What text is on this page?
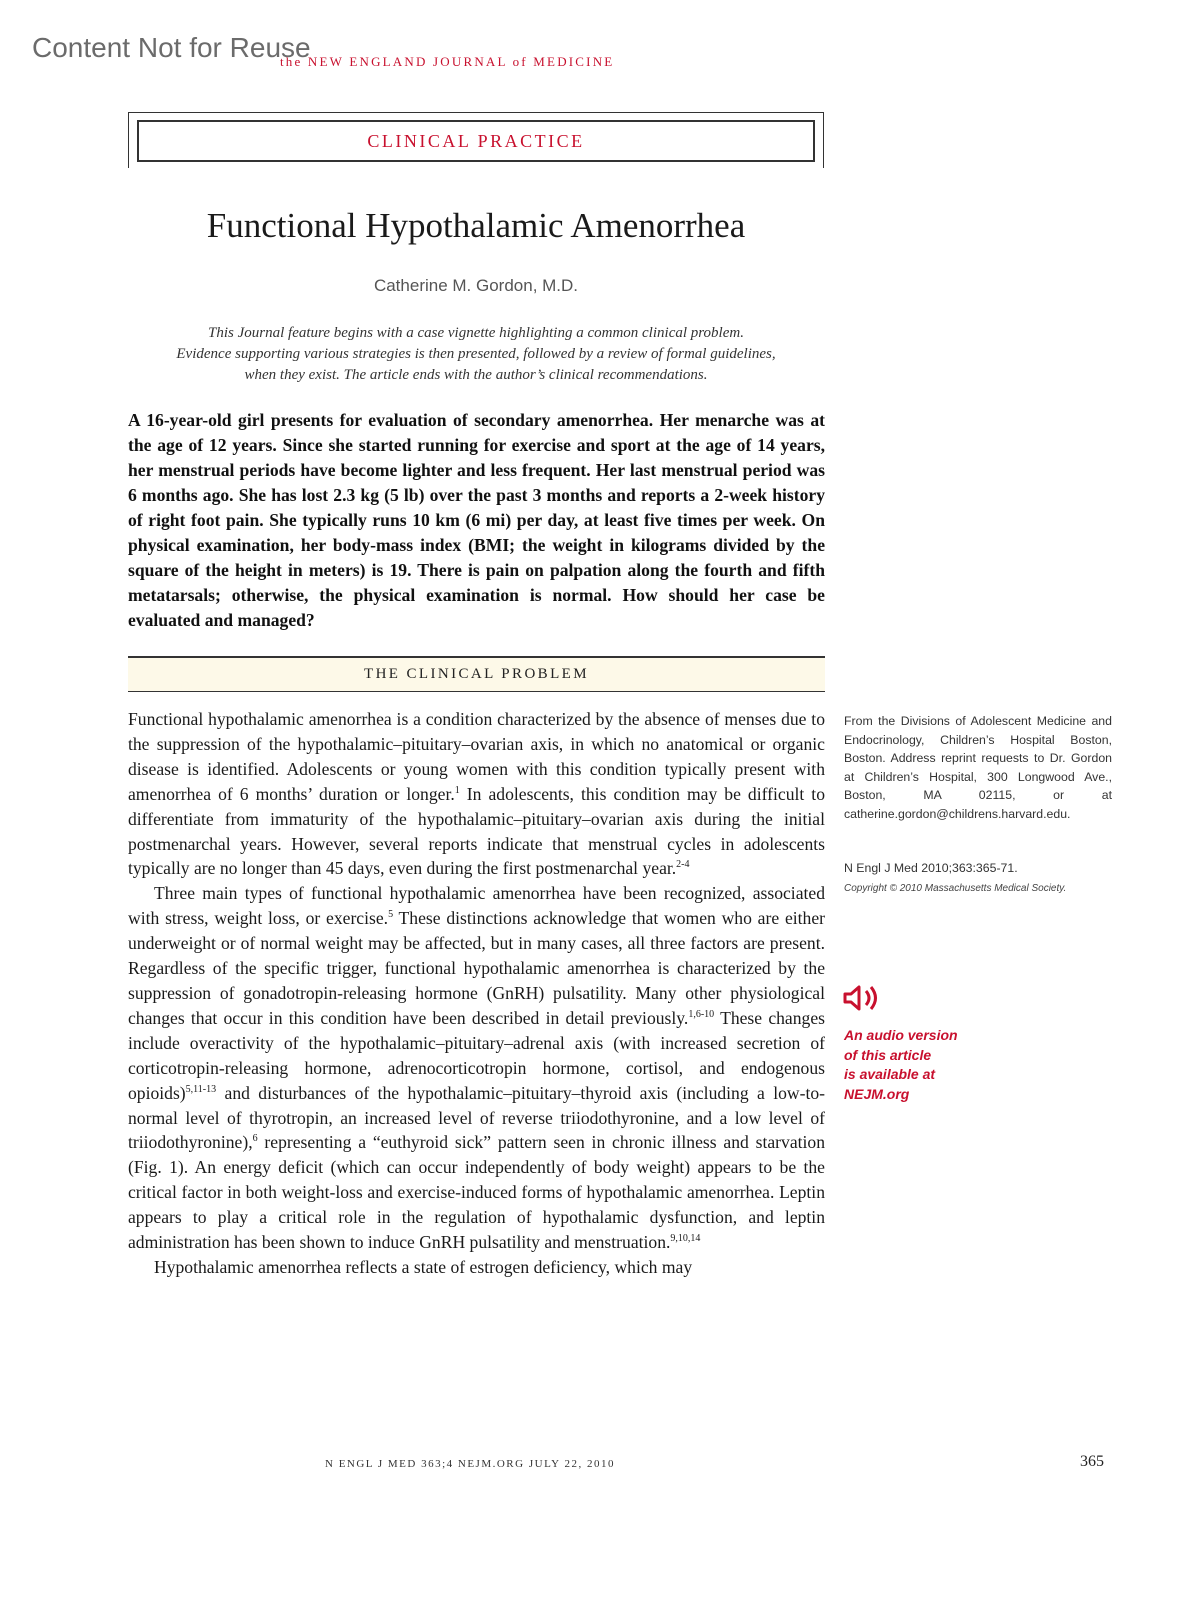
Content Not for Reuse
the NEW ENGLAND JOURNAL of MEDICINE
CLINICAL PRACTICE
Functional Hypothalamic Amenorrhea
Catherine M. Gordon, M.D.
This Journal feature begins with a case vignette highlighting a common clinical problem.
Evidence supporting various strategies is then presented, followed by a review of formal guidelines,
when they exist. The article ends with the author’s clinical recommendations.
A 16-year-old girl presents for evaluation of secondary amenorrhea. Her menarche was at the age of 12 years. Since she started running for exercise and sport at the age of 14 years, her menstrual periods have become lighter and less frequent. Her last menstrual period was 6 months ago. She has lost 2.3 kg (5 lb) over the past 3 months and reports a 2-week history of right foot pain. She typically runs 10 km (6 mi) per day, at least five times per week. On physical examination, her body-mass index (BMI; the weight in kilograms divided by the square of the height in meters) is 19. There is pain on palpation along the fourth and fifth metatarsals; otherwise, the physical examination is normal. How should her case be evaluated and managed?
THE CLINICAL PROBLEM

Functional hypothalamic amenorrhea is a condition characterized by the absence of menses due to the suppression of the hypothalamic–pituitary–ovarian axis, in which no anatomical or organic disease is identified. Adolescents or young women with this condition typically present with amenorrhea of 6 months’ duration or longer.$^1$ In adolescents, this condition may be difficult to differentiate from immaturity of the hypothalamic–pituitary–ovarian axis during the initial postmenarchal years. However, several reports indicate that menstrual cycles in adolescents typically are no longer than 45 days, even during the first postmenarchal year.$^{2-4}$

Three main types of functional hypothalamic amenorrhea have been recognized, associated with stress, weight loss, or exercise.$^5$ These distinctions acknowledge that women who are either underweight or of normal weight may be affected, but in many cases, all three factors are present. Regardless of the specific trigger, functional hypothalamic amenorrhea is characterized by the suppression of gonadotropin-releasing hormone (GnRH) pulsatility. Many other physiological changes that occur in this condition have been described in detail previously.$^{1,6-10}$ These changes include overactivity of the hypothalamic–pituitary–adrenal axis (with increased secretion of corticotropin-releasing hormone, adrenocorticotropin hormone, cortisol, and endogenous opioids)$^{5,11-13}$ and disturbances of the hypothalamic–pituitary–thyroid axis (including a low-to-normal level of thyrotropin, an increased level of reverse triiodothyronine, and a low level of triiodothyronine),$^6$ representing a “euthyroid sick” pattern seen in chronic illness and starvation (Fig. 1). An energy deficit (which can occur independently of body weight) appears to be the critical factor in both weight-loss and exercise-induced forms of hypothalamic amenorrhea. Leptin appears to play a critical role in the regulation of hypothalamic dysfunction, and leptin administration has been shown to induce GnRH pulsatility and menstruation.$^{9,10,14}$

Hypothalamic amenorrhea reflects a state of estrogen deficiency, which may

From the Divisions of Adolescent Medicine and Endocrinology, Children’s Hospital Boston, Boston. Address reprint requests to Dr. Gordon at Children’s Hospital, 300 Longwood Ave., Boston, MA 02115, or at catherine.gordon@childrens.harvard.edu.
N Engl J Med 2010;363:365-71.
Copyright © 2010 Massachusetts Medical Society.
An audio version
of this article
is available at
NEJM.org
N ENGL J MED 363;4 NEJM.ORG JULY 22, 2010	365
